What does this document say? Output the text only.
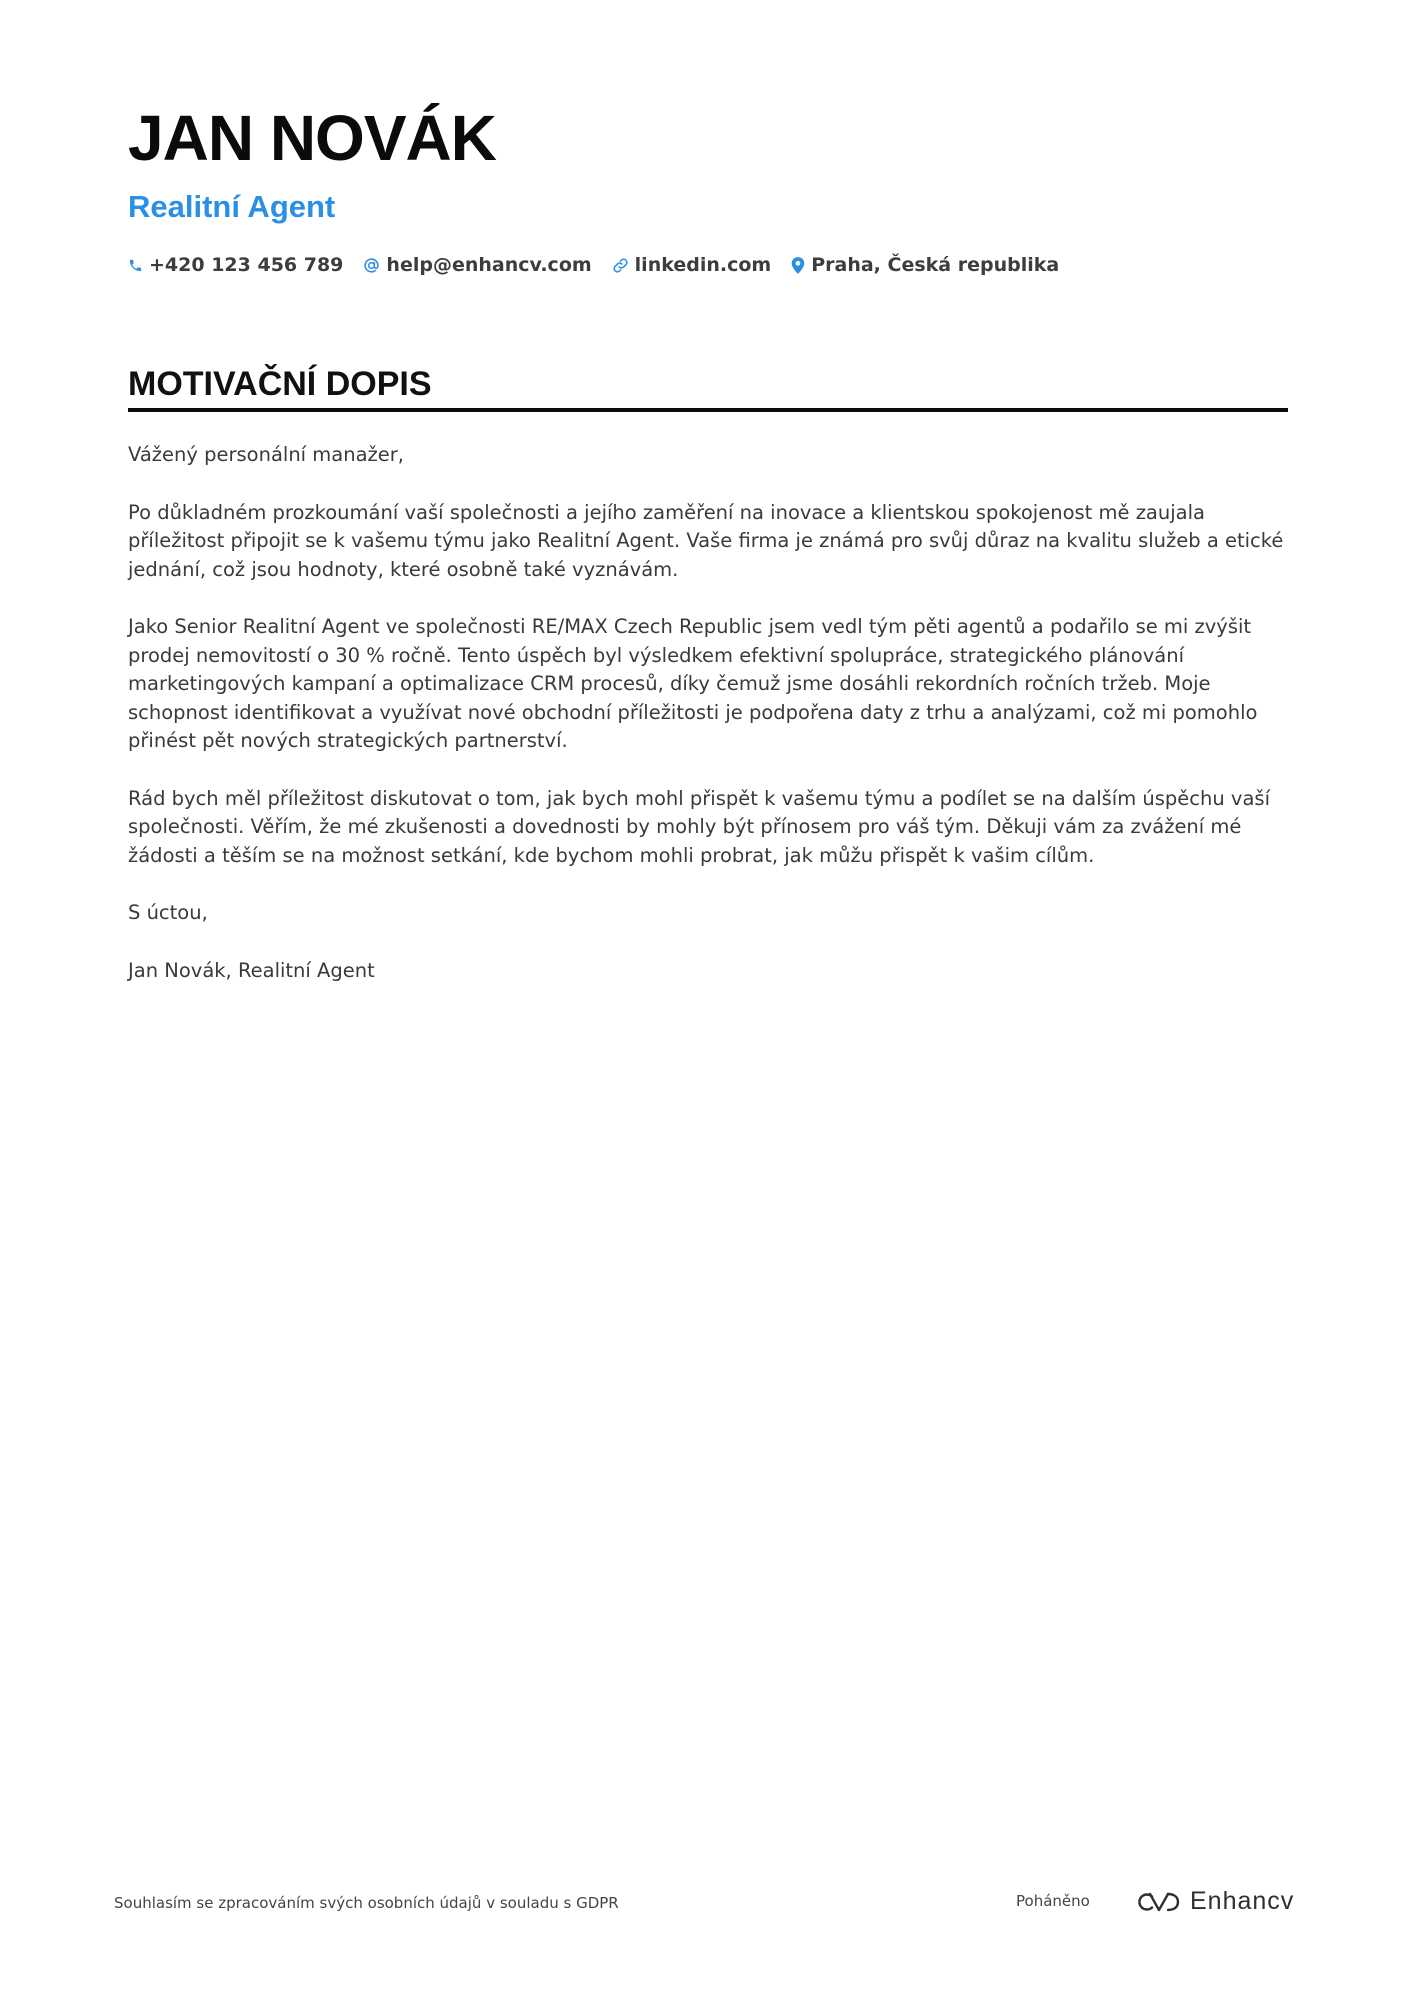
JAN NOVÁK
Realitní Agent
+420 123 456 789 help@enhancv.com linkedin.com Praha, Česká republika
MOTIVAČNÍ DOPIS

Vážený personální manažer,

Po důkladném prozkoumání vaší společnosti a jejího zaměření na inovace a klientskou spokojenost mě zaujala příležitost připojit se k vašemu týmu jako Realitní Agent. Vaše firma je známá pro svůj důraz na kvalitu služeb a etické jednání, což jsou hodnoty, které osobně také vyznávám.

Jako Senior Realitní Agent ve společnosti RE/MAX Czech Republic jsem vedl tým pěti agentů a podařilo se mi zvýšit prodej nemovitostí o 30 % ročně. Tento úspěch byl výsledkem efektivní spolupráce, strategického plánování marketingových kampaní a optimalizace CRM procesů, díky čemuž jsme dosáhli rekordních ročních tržeb. Moje schopnost identifikovat a využívat nové obchodní příležitosti je podpořena daty z trhu a analýzami, což mi pomohlo přinést pět nových strategických partnerství.

Rád bych měl příležitost diskutovat o tom, jak bych mohl přispět k vašemu týmu a podílet se na dalším úspěchu vaší společnosti. Věřím, že mé zkušenosti a dovednosti by mohly být přínosem pro váš tým. Děkuji vám za zvážení mé žádosti a těším se na možnost setkání, kde bychom mohli probrat, jak můžu přispět k vašim cílům.

S úctou,

Jan Novák, Realitní Agent

Souhlasím se zpracováním svých osobních údajů v souladu s GDPR	Poháněno	Enhancv
